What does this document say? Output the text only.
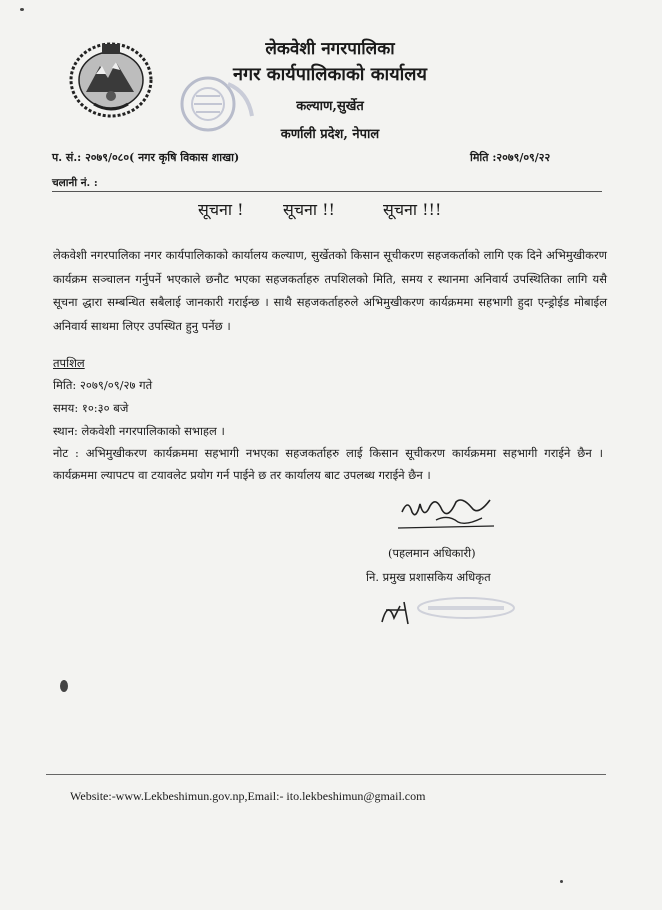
लेकवेशी नगरपालिका
नगर कार्यपालिकाको कार्यालय
कल्याण,सुर्खेत
कर्णाली प्रदेश, नेपाल
प. सं.: २०७९/०८०( नगर कृषि विकास शाखा)	मिति :२०७९/०९/२२
चलानी नं. :
सूचना ! सूचना !!	सूचना !!!
लेकवेशी नगरपालिका नगर कार्यपालिकाको कार्यालय कल्याण, सुर्खेतको किसान सूचीकरण सहजकर्ताको लागि एक दिने अभिमुखीकरण कार्यक्रम सञ्चालन गर्नुपर्ने भएकाले छनौट भएका सहजकर्ताहरु तपशिलको मिति, समय र स्थानमा अनिवार्य उपस्थितिका लागि यसै सूचना द्धारा सम्बन्धित सबैलाई जानकारी गराईन्छ । साथै सहजकर्ताहरुले अभिमुखीकरण कार्यक्रममा सहभागी हुदा एन्ड्रोईड मोबाईल अनिवार्य साथमा लिएर उपस्थित हुनु पर्नेछ ।
तपशिल
मिति: २०७९/०९/२७ गते
समय: १०:३० बजे
स्थान: लेकवेशी नगरपालिकाको सभाहल ।
नोट : अभिमुखीकरण कार्यक्रममा सहभागी नभएका सहजकर्ताहरु लाई किसान सूचीकरण कार्यक्रममा सहभागी गराईने छैन । कार्यक्रममा ल्यापटप वा टयावलेट प्रयोग गर्न पाईने छ तर कार्यालय बाट उपलब्ध गराईने छैन ।
(पहलमान अधिकारी)
नि. प्रमुख प्रशासकिय अधिकृत
Website:-www.Lekbeshimun.gov.np,Email:- ito.lekbeshimun@gmail.com
